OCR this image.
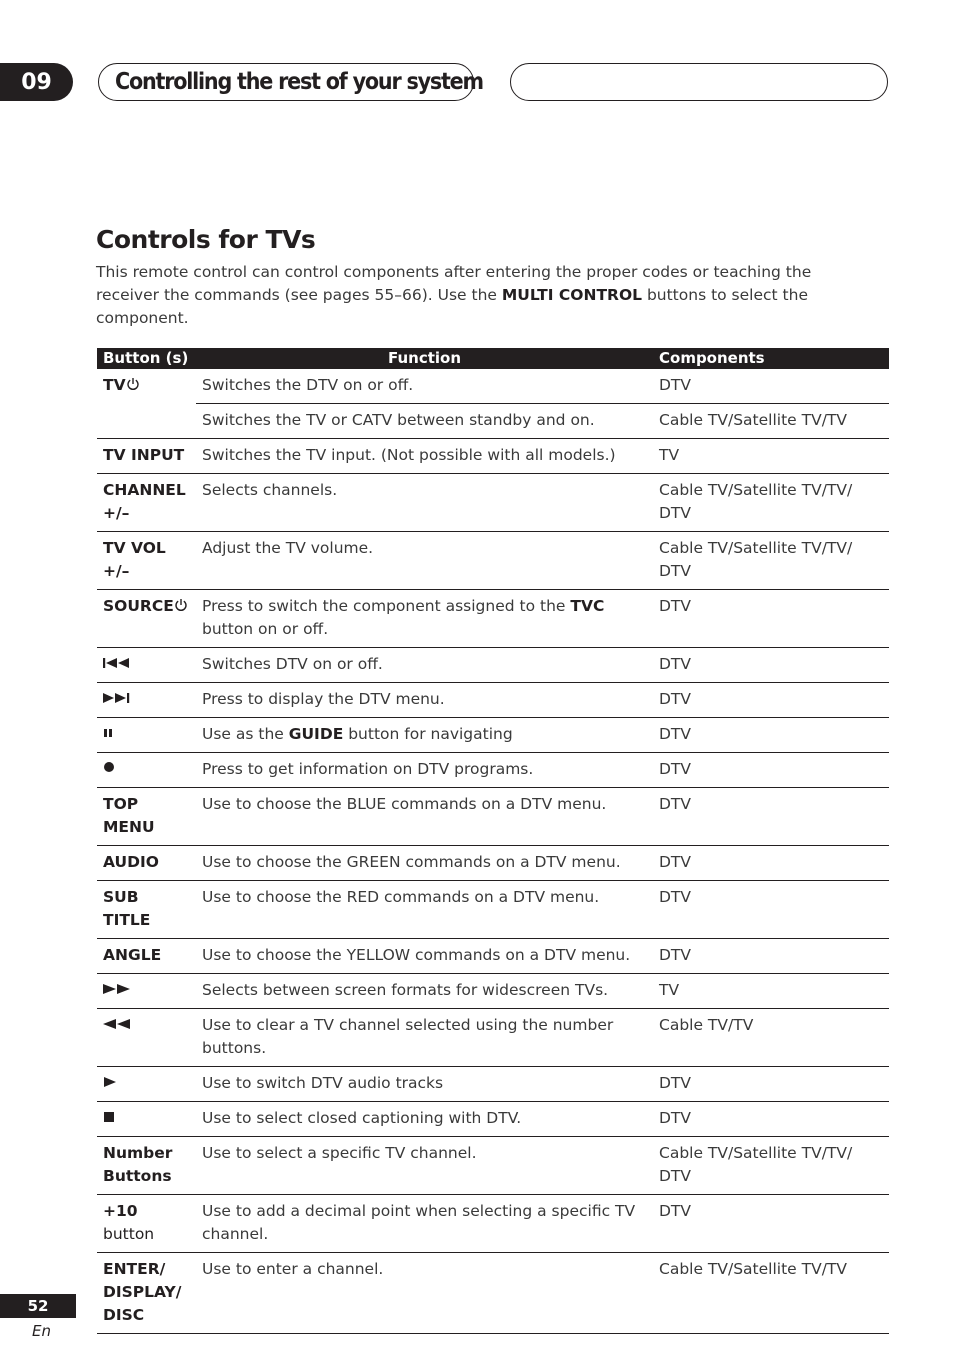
09	Controlling the rest of your system
Controls for TVs

This remote control can control components after entering the proper codes or teaching the receiver the commands (see pages 55–66). Use the MULTI CONTROL buttons to select the component.

Button (s)	Function	Components
TV	Switches the DTV on or off.	DTV
	Switches the TV or CATV between standby and on.	Cable TV/Satellite TV/TV
TV INPUT	Switches the TV input. (Not possible with all models.)	TV
CHANNEL +/–	Selects channels.	Cable TV/Satellite TV/TV/ DTV
TV VOL +/–	Adjust the TV volume.	Cable TV/Satellite TV/TV/ DTV
SOURCE	Press to switch the component assigned to the TVC button on or off.	DTV
	Switches DTV on or off.	DTV
	Press to display the DTV menu.	DTV
	Use as the GUIDE button for navigating	DTV
	Press to get information on DTV programs.	DTV
TOP MENU	Use to choose the BLUE commands on a DTV menu.	DTV
AUDIO	Use to choose the GREEN commands on a DTV menu.	DTV
SUB TITLE	Use to choose the RED commands on a DTV menu.	DTV
ANGLE	Use to choose the YELLOW commands on a DTV menu.	DTV
	Selects between screen formats for widescreen TVs.	TV
	Use to clear a TV channel selected using the number buttons.	Cable TV/TV
	Use to switch DTV audio tracks	DTV
	Use to select closed captioning with DTV.	DTV
Number Buttons	Use to select a specific TV channel.	Cable TV/Satellite TV/TV/ DTV
+10 button	Use to add a decimal point when selecting a specific TV channel.	DTV
ENTER/ DISPLAY/ DISC	Use to enter a channel.	Cable TV/Satellite TV/TV
52
En
